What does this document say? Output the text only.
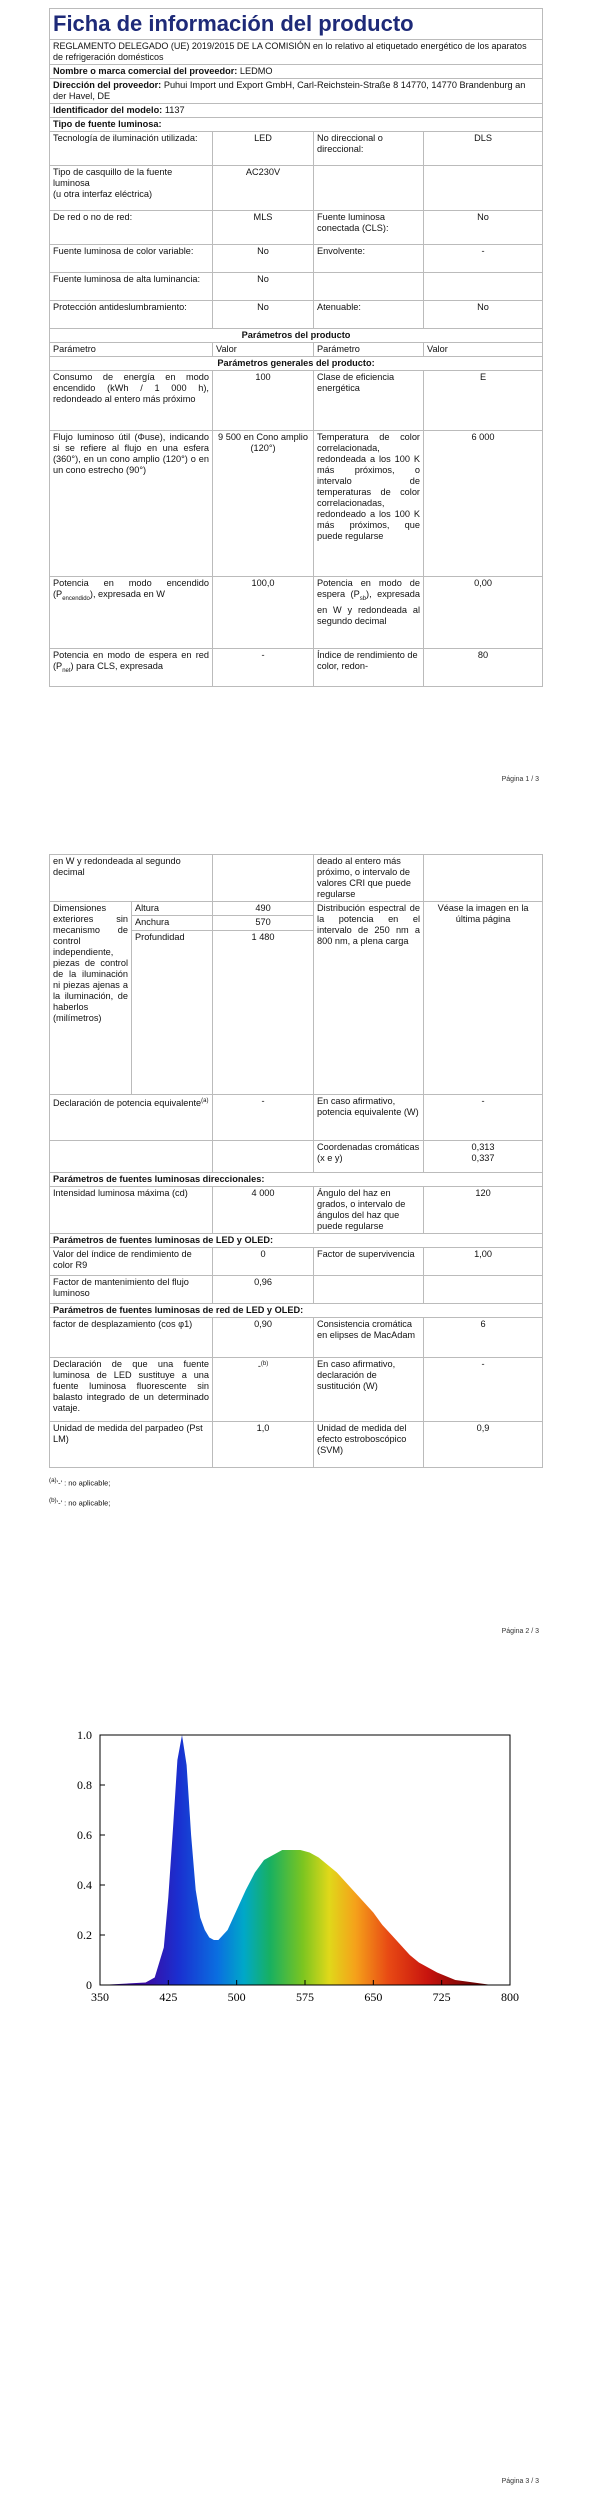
Ficha de información del producto			
REGLAMENTO DELEGADO (UE) 2019/2015 DE LA COMISIÓN en lo relativo al etiquetado energético de los aparatos de refrigeración domésticos			
Nombre o marca comercial del proveedor: LEDMO			
Dirección del proveedor: Puhui Import und Export GmbH, Carl-Reichstein-Straße 8 14770, 14770 Brandenburg an der Havel, DE			
Identificador del modelo: 1137			
Tipo de fuente luminosa:			
Tecnología de iluminación utilizada:	LED	No direccional o direccional:	DLS

Tipo de casquillo de la fuente luminosa
(u otra interfaz eléctrica)	AC230V		
De red o no de red:	MLS	Fuente luminosa conectada (CLS):	No
Fuente luminosa de color variable:	No	Envolvente:	-
Fuente luminosa de alta luminancia:	No		
Protección antideslumbramiento:	No	Atenuable:	No
Parámetros del producto			
Parámetro	Valor	Parámetro	Valor
Parámetros generales del producto:			
Consumo de energía en modo encendido (kWh / 1 000 h), redondeado al entero más próximo	100	Clase de eficiencia energética	E
Flujo luminoso útil (Φuse), indicando si se refiere al flujo en una esfera (360°), en un cono amplio (120°) o en un cono estrecho (90°)	9 500 en Cono amplio (120°)	Temperatura de color correlacionada, redondeada a los 100 K más próximos, o intervalo de temperaturas de color correlacionadas, redondeado a los 100 K más próximos, que puede regularse	6 000
Potencia en modo encendido $(P_{encendido})$, expresada en W	100,0	Potencia en modo de espera $(P_{sb})$, expresada en W y redondeada al segundo decimal	0,00
Potencia en modo de espera en red $(P_{net})$ para CLS, expresada	-	Índice de rendimiento de color, redon-	80
Página 1 / 3
en W y redondeada al segundo decimal			deado al entero más próximo, o intervalo de valores CRI que puede regularse	
Dimensiones exteriores sin mecanismo de control independiente, piezas de control de la iluminación ni piezas ajenas a la iluminación, de haberlos (milímetros)	Altura	490	Distribución espectral de la potencia en el intervalo de 250 nm a 800 nm, a plena carga	Véase la imagen en la última página
	Anchura	570		
	Profundidad	1 480		
Declaración de potencia equivalente$^{(a)}$		-	En caso afirmativo, potencia equivalente (W)	-
			Coordenadas cromáticas (x e y)	0,313
0,337

Parámetros de fuentes luminosas direccionales:				
Intensidad luminosa máxima (cd)		4 000	Ángulo del haz en grados, o intervalo de ángulos del haz que puede regularse	120
Parámetros de fuentes luminosas de LED y OLED:				
Valor del índice de rendimiento de color R9		0	Factor de supervivencia	1,00
Factor de mantenimiento del flujo luminoso		0,96		
Parámetros de fuentes luminosas de red de LED y OLED:				
factor de desplazamiento (cos φ1)		0,90	Consistencia cromática en elipses de MacAdam	6
Declaración de que una fuente luminosa de LED sustituye a una fuente luminosa fluorescente sin balasto integrado de un determinado vataje.		-$^{(b)}$	En caso afirmativo, declaración de sustitución (W)	-
Unidad de medida del parpadeo (Pst LM)		1,0	Unidad de medida del efecto estroboscópico (SVM)	0,9
$^{(a)}$'-' : no aplicable;
$^{(b)}$'-' : no aplicable;
Página 2 / 3
350	425	500	575	650	725	800
0
0.2
0.4
0.6
0.8
1.0
Página 3 / 3
